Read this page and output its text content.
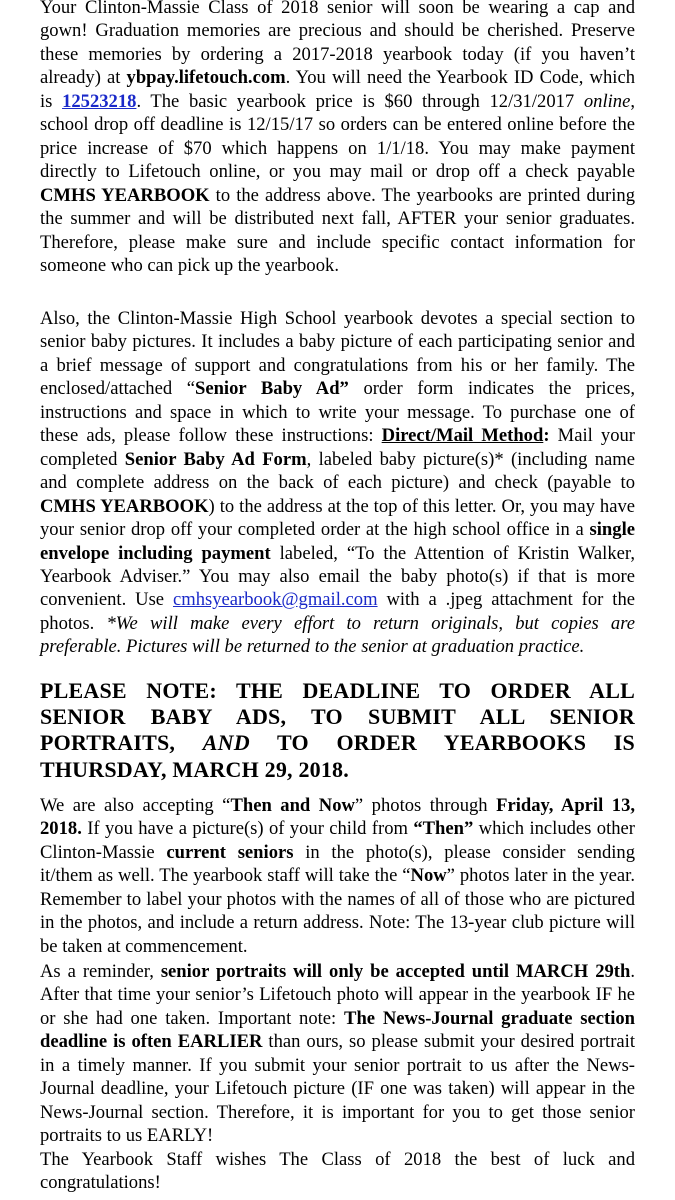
Your Clinton-Massie Class of 2018 senior will soon be wearing a cap and gown! Graduation memories are precious and should be cherished. Preserve these memories by ordering a 2017-2018 yearbook today (if you haven’t already) at ybpay.lifetouch.com. You will need the Yearbook ID Code, which is 12523218. The basic yearbook price is $60 through 12/31/2017 online, school drop off deadline is 12/15/17 so orders can be entered online before the price increase of $70 which happens on 1/1/18. You may make payment directly to Lifetouch online, or you may mail or drop off a check payable CMHS YEARBOOK to the address above. The yearbooks are printed during the summer and will be distributed next fall, AFTER your senior graduates. Therefore, please make sure and include specific contact information for someone who can pick up the yearbook.
Also, the Clinton-Massie High School yearbook devotes a special section to senior baby pictures. It includes a baby picture of each participating senior and a brief message of support and congratulations from his or her family. The enclosed/attached “Senior Baby Ad” order form indicates the prices, instructions and space in which to write your message. To purchase one of these ads, please follow these instructions: Direct/Mail Method: Mail your completed Senior Baby Ad Form, labeled baby picture(s)* (including name and complete address on the back of each picture) and check (payable to CMHS YEARBOOK) to the address at the top of this letter. Or, you may have your senior drop off your completed order at the high school office in a single envelope including payment labeled, “To the Attention of Kristin Walker, Yearbook Adviser.” You may also email the baby photo(s) if that is more convenient. Use cmhsyearbook@gmail.com with a .jpeg attachment for the photos. *We will make every effort to return originals, but copies are preferable. Pictures will be returned to the senior at graduation practice.
PLEASE NOTE: THE DEADLINE TO ORDER ALL SENIOR BABY ADS, TO SUBMIT ALL SENIOR PORTRAITS, AND TO ORDER YEARBOOKS IS THURSDAY, MARCH 29, 2018.
We are also accepting “Then and Now” photos through Friday, April 13, 2018. If you have a picture(s) of your child from “Then” which includes other Clinton-Massie current seniors in the photo(s), please consider sending it/them as well. The yearbook staff will take the “Now” photos later in the year. Remember to label your photos with the names of all of those who are pictured in the photos, and include a return address. Note: The 13-year club picture will be taken at commencement.
As a reminder, senior portraits will only be accepted until MARCH 29th. After that time your senior’s Lifetouch photo will appear in the yearbook IF he or she had one taken. Important note: The News-Journal graduate section deadline is often EARLIER than ours, so please submit your desired portrait in a timely manner. If you submit your senior portrait to us after the News-Journal deadline, your Lifetouch picture (IF one was taken) will appear in the News-Journal section. Therefore, it is important for you to get those senior portraits to us EARLY!
The Yearbook Staff wishes The Class of 2018 the best of luck and congratulations!
